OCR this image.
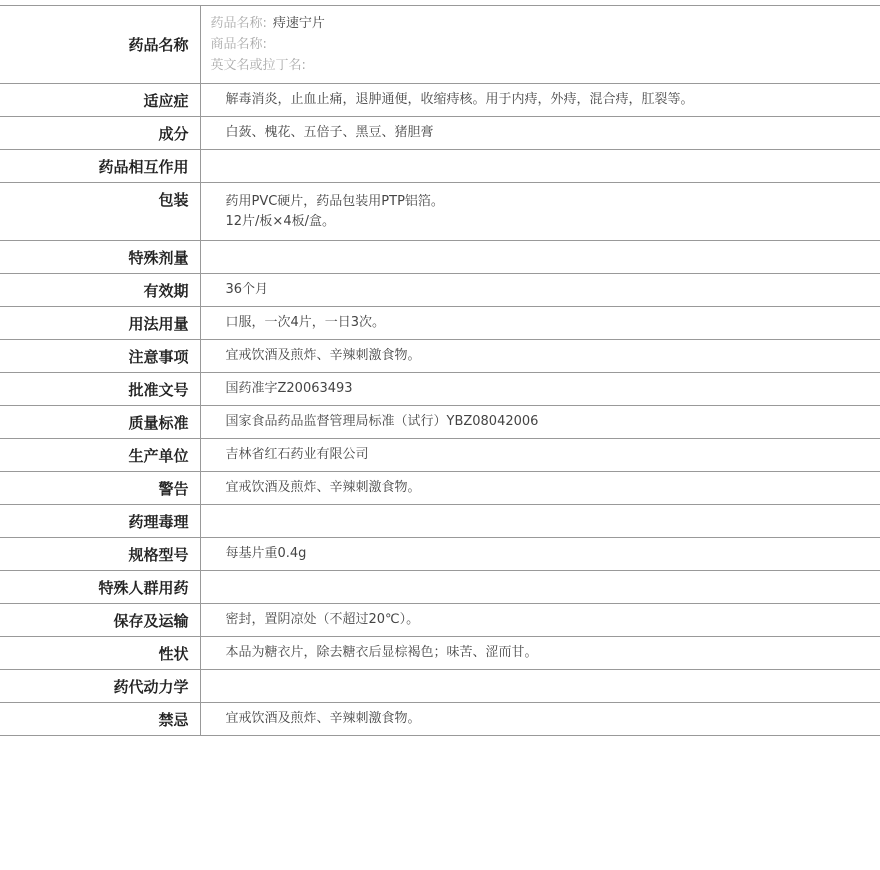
药品名称	药品名称: 痔速宁片
商品名称:
英文名或拉丁名:

适应症	解毒消炎，止血止痛，退肿通便，收缩痔核。用于内痔，外痔，混合痔，肛裂等。

成分	白蔹、槐花、五倍子、黑豆、猪胆膏

药品相互作用	

包装	药用PVC硬片，药品包装用PTP铝箔。
12片/板×4板/盒。

特殊剂量	

有效期	36个月

用法用量	口服，一次4片，一日3次。

注意事项	宜戒饮酒及煎炸、辛辣刺激食物。

批准文号	国药准字Z20063493

质量标准	国家食品药品监督管理局标准（试行）YBZ08042006

生产单位	吉林省红石药业有限公司

警告	宜戒饮酒及煎炸、辛辣刺激食物。

药理毒理	

规格型号	每基片重0.4g

特殊人群用药	

保存及运输	密封，置阴凉处（不超过20℃）。

性状	本品为糖衣片，除去糖衣后显棕褐色；味苦、涩而甘。

药代动力学	

禁忌	宜戒饮酒及煎炸、辛辣刺激食物。
